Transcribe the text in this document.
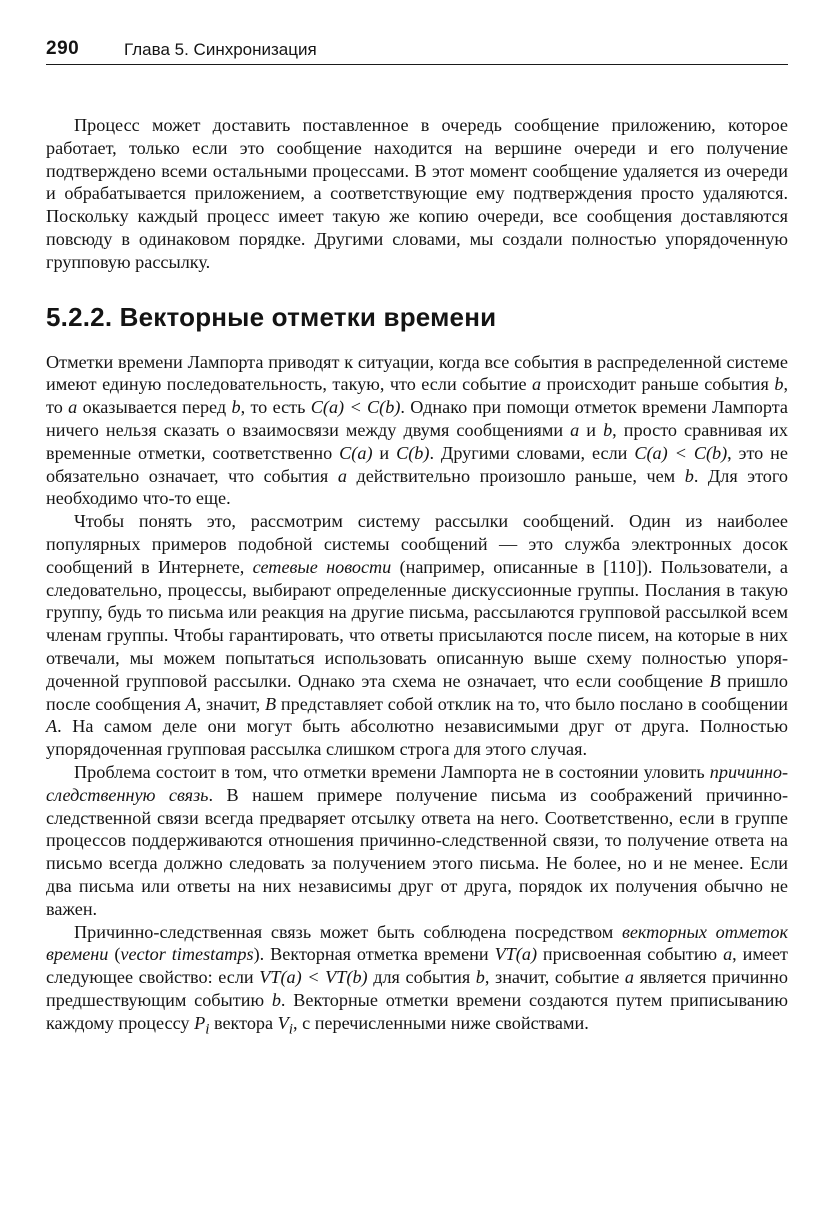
290	Глава 5. Синхронизация

Процесс может доставить поставленное в очередь сообщение приложению, которое работает, только если это сообщение находится на вершине очереди и его получение подтверждено всеми остальными процессами. В этот момент сообщение удаляется из очереди и обрабатывается приложением, а соответствующие ему подтверждения просто удаляются. Поскольку каждый процесс имеет такую же копию очереди, все сообщения доставляются повсюду в одинаковом порядке. Другими словами, мы создали полностью упорядоченную групповую рассылку.

5.2.2. Векторные отметки времени

Отметки времени Лампорта приводят к ситуации, когда все события в распределенной системе имеют единую последовательность, такую, что если событие a происходит раньше события b, то a оказывается перед b, то есть C(a) < C(b). Однако при помощи отметок времени Лампорта ничего нельзя сказать о взаимосвязи между двумя сообщениями a и b, просто сравнивая их временные отметки, соответственно C(a) и C(b). Другими словами, если C(a) < C(b), это не обязательно означает, что события a действительно произошло раньше, чем b. Для этого необходимо что-то еще.

Чтобы понять это, рассмотрим систему рассылки сообщений. Один из наиболее популярных примеров подобной системы сообщений — это служба электронных досок сообщений в Интернете, сетевые новости (например, описанные в [110]). Пользователи, а следовательно, процессы, выбирают определенные дискуссионные группы. Послания в такую группу, будь то письма или реакция на другие письма, рассылаются групповой рассылкой всем членам группы. Чтобы гарантировать, что ответы присылаются после писем, на которые в них отвечали, мы можем попытаться использовать описанную выше схему полностью упорядоченной групповой рассылки. Однако эта схема не означает, что если сообщение B пришло после сообщения A, значит, B представляет собой отклик на то, что было послано в сообщении A. На самом деле они могут быть абсолютно независимыми друг от друга. Полностью упорядоченная групповая рассылка слишком строга для этого случая.

Проблема состоит в том, что отметки времени Лампорта не в состоянии уловить причинно-следственную связь. В нашем примере получение письма из соображений причинно-следственной связи всегда предваряет отсылку ответа на него. Соответственно, если в группе процессов поддерживаются отношения причинно-следственной связи, то получение ответа на письмо всегда должно следовать за получением этого письма. Не более, но и не менее. Если два письма или ответы на них независимы друг от друга, порядок их получения обычно не важен.

Причинно-следственная связь может быть соблюдена посредством векторных отметок времени (vector timestamps). Векторная отметка времени VT(a) присвоенная событию a, имеет следующее свойство: если VT(a) < VT(b) для события b, значит, событие a является причинно предшествующим событию b. Векторные отметки времени создаются путем приписыванию каждому процессу $P_i$ вектора $V_i$, с перечисленными ниже свойствами.
